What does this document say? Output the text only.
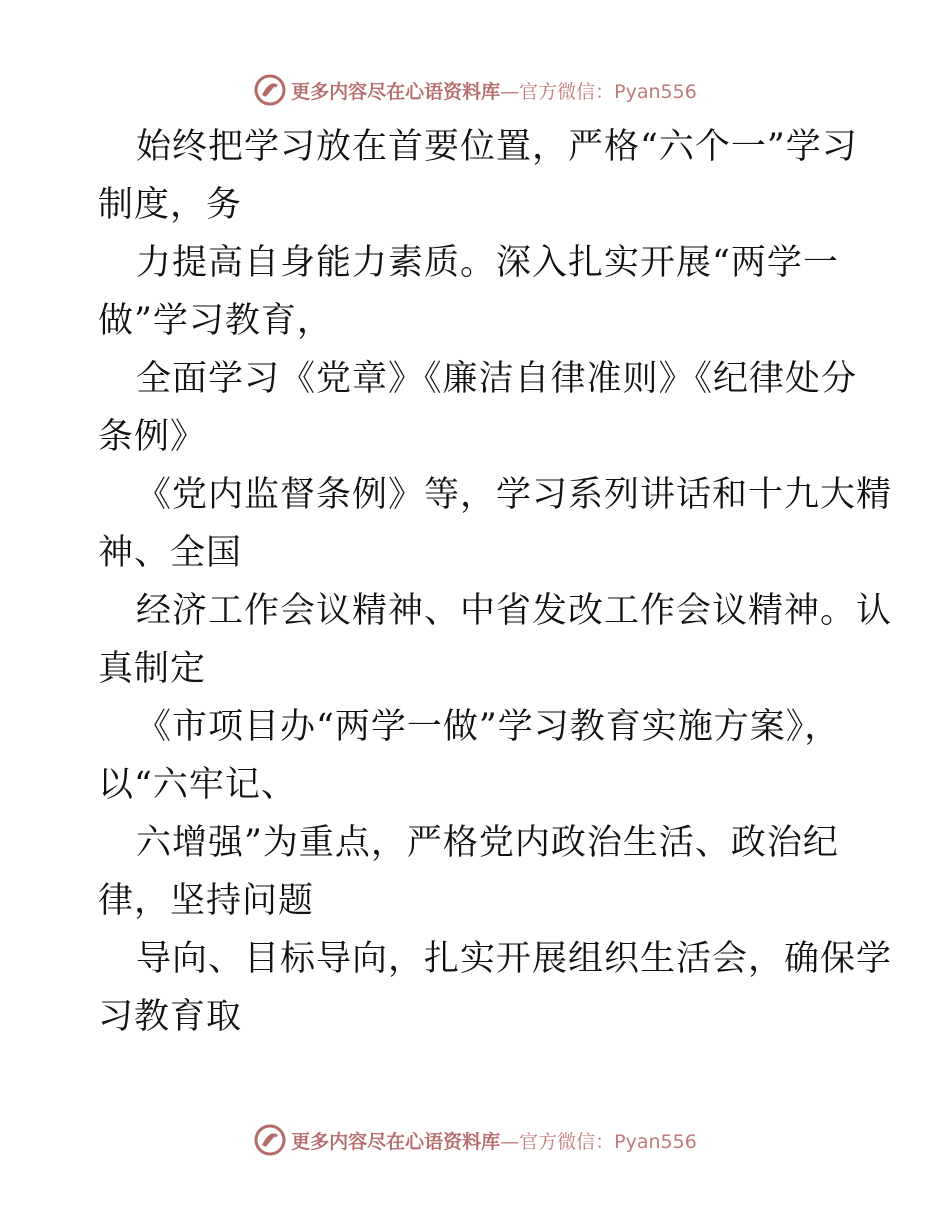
更多内容尽在心语资料库—官方微信：Pyan556
始终把学习放在首要位置，严格“六个一”学习
制度，务
力提高自身能力素质。深入扎实开展“两学一
做”学习教育，
全面学习《党章》《廉洁自律准则》《纪律处分
条例》
《党内监督条例》等，学习系列讲话和十九大精
神、全国
经济工作会议精神、中省发改工作会议精神。认
真制定
《市项目办“两学一做”学习教育实施方案》，
以“六牢记、
六增强”为重点，严格党内政治生活、政治纪
律，坚持问题
导向、目标导向，扎实开展组织生活会，确保学
习教育取
更多内容尽在心语资料库—官方微信：Pyan556
